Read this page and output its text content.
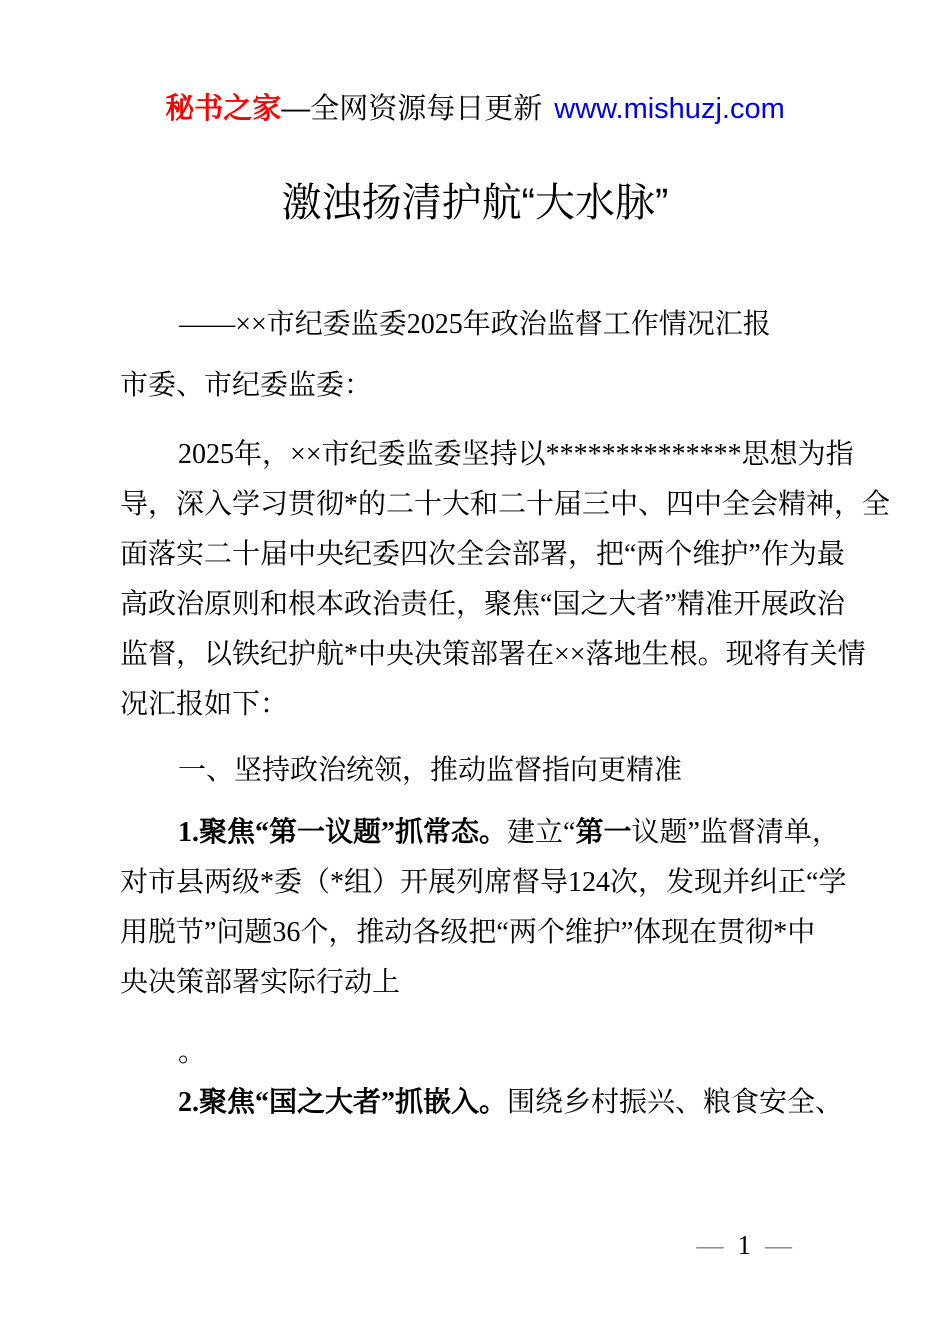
秘书之家—全网资源每日更新 www.mishuzj.com
激浊扬清护航“大水脉”
——××市纪委监委2025年政治监督工作情况汇报
市委、市纪委监委：
2025年，××市纪委监委坚持以**************思想为指
导，深入学习贯彻*的二十大和二十届三中、四中全会精神，全
面落实二十届中央纪委四次全会部署，把“两个维护”作为最
高政治原则和根本政治责任，聚焦“国之大者”精准开展政治
监督，以铁纪护航*中央决策部署在××落地生根。现将有关情
况汇报如下：
一、坚持政治统领，推动监督指向更精准
1.聚焦“第一议题”抓常态。建立“第一议题”监督清单，
对市县两级*委（*组）开展列席督导124次，发现并纠正“学
用脱节”问题36个，推动各级把“两个维护”体现在贯彻*中
央决策部署实际行动上
。
2.聚焦“国之大者”抓嵌入。围绕乡村振兴、粮食安全、
— 1 —
